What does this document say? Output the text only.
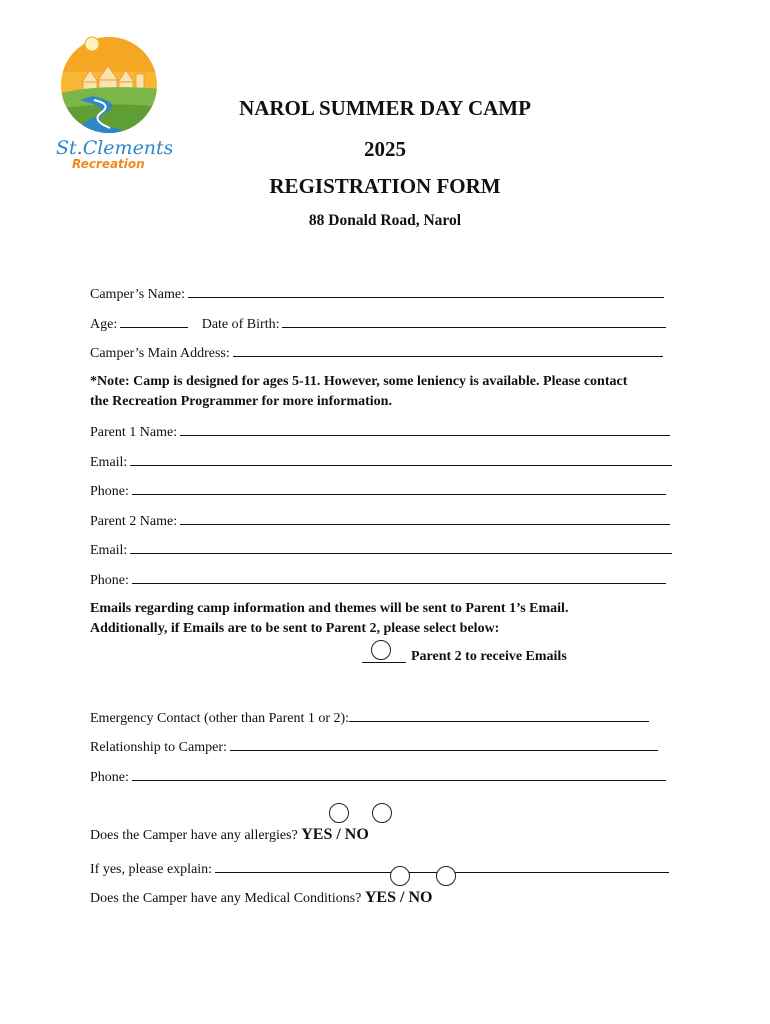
St.Clements
Recreation
NAROL SUMMER DAY CAMP
2025
REGISTRATION FORM
88 Donald Road, Narol
Camper’s Name:
Age:	Date of Birth:
Camper’s Main Address:
*Note: Camp is designed for ages 5-11. However, some leniency is available. Please contact
the Recreation Programmer for more information.
Parent 1 Name:
Email:
Phone:
Parent 2 Name:
Email:
Phone:
Emails regarding camp information and themes will be sent to Parent 1’s Email.
Additionally, if Emails are to be sent to Parent 2, please select below:
Parent 2 to receive Emails
Emergency Contact (other than Parent 1 or 2):
Relationship to Camper:
Phone:
Does the Camper have any allergies? YES / NO
If yes, please explain:
Does the Camper have any Medical Conditions? YES / NO
